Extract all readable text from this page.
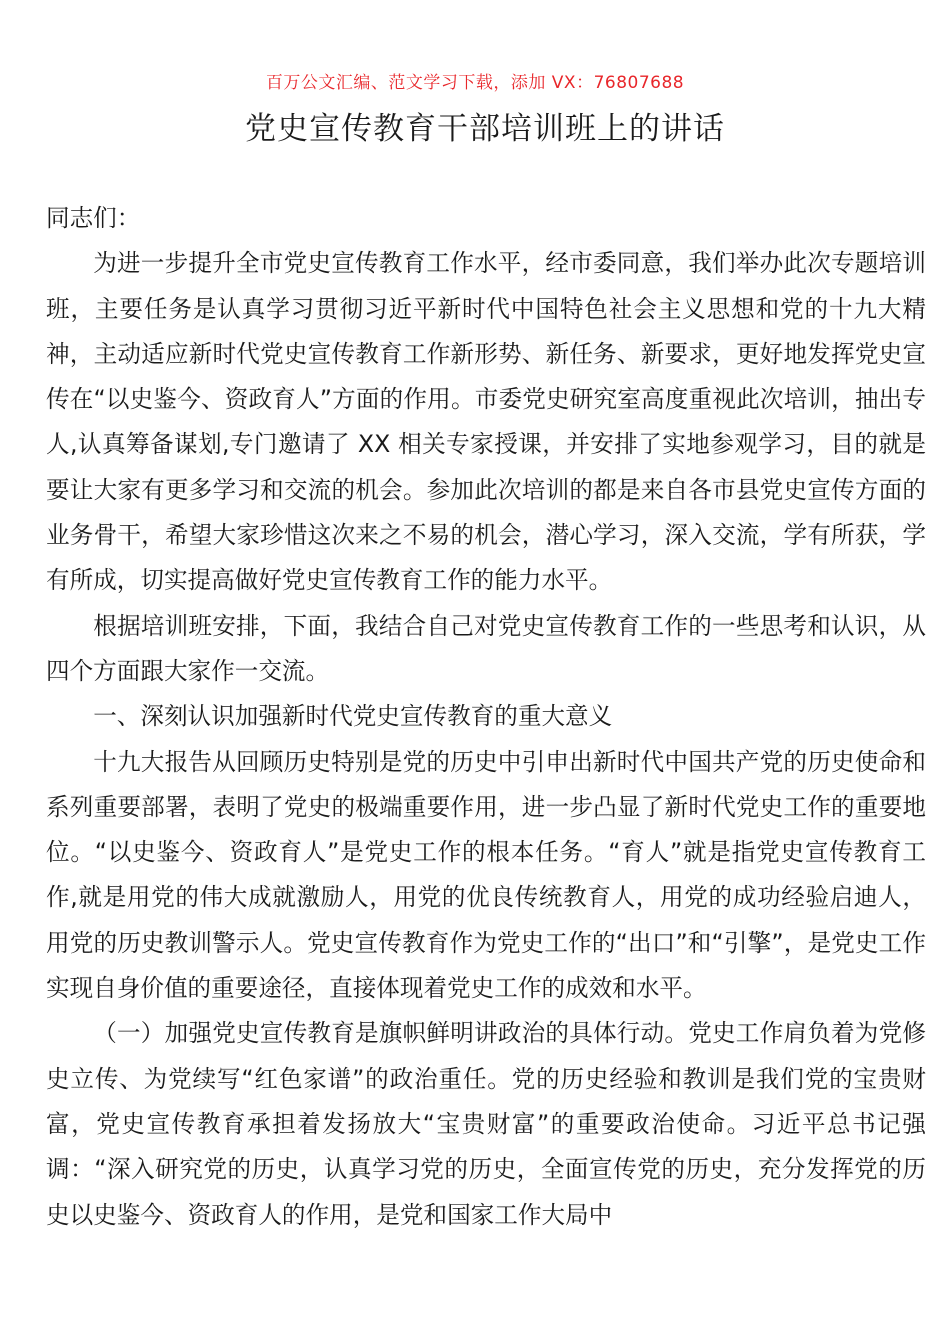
百万公文汇编、范文学习下载，添加 VX：76807688
党史宣传教育干部培训班上的讲话

同志们：

为进一步提升全市党史宣传教育工作水平，经市委同意，我们举办此次专题培训班，主要任务是认真学习贯彻习近平新时代中国特色社会主义思想和党的十九大精神，主动适应新时代党史宣传教育工作新形势、新任务、新要求，更好地发挥党史宣传在“以史鉴今、资政育人”方面的作用。市委党史研究室高度重视此次培训，抽出专人,认真筹备谋划,专门邀请了 XX 相关专家授课，并安排了实地参观学习，目的就是要让大家有更多学习和交流的机会。参加此次培训的都是来自各市县党史宣传方面的业务骨干，希望大家珍惜这次来之不易的机会，潜心学习，深入交流，学有所获，学有所成，切实提高做好党史宣传教育工作的能力水平。

根据培训班安排，下面，我结合自己对党史宣传教育工作的一些思考和认识，从四个方面跟大家作一交流。

一、深刻认识加强新时代党史宣传教育的重大意义

十九大报告从回顾历史特别是党的历史中引申出新时代中国共产党的历史使命和系列重要部署，表明了党史的极端重要作用，进一步凸显了新时代党史工作的重要地位。“以史鉴今、资政育人”是党史工作的根本任务。“育人”就是指党史宣传教育工作,就是用党的伟大成就激励人，用党的优良传统教育人，用党的成功经验启迪人，用党的历史教训警示人。党史宣传教育作为党史工作的“出口”和“引擎”，是党史工作实现自身价值的重要途径，直接体现着党史工作的成效和水平。

（一）加强党史宣传教育是旗帜鲜明讲政治的具体行动。党史工作肩负着为党修史立传、为党续写“红色家谱”的政治重任。党的历史经验和教训是我们党的宝贵财富，党史宣传教育承担着发扬放大“宝贵财富”的重要政治使命。习近平总书记强调：“深入研究党的历史，认真学习党的历史，全面宣传党的历史，充分发挥党的历史以史鉴今、资政育人的作用，是党和国家工作大局中
